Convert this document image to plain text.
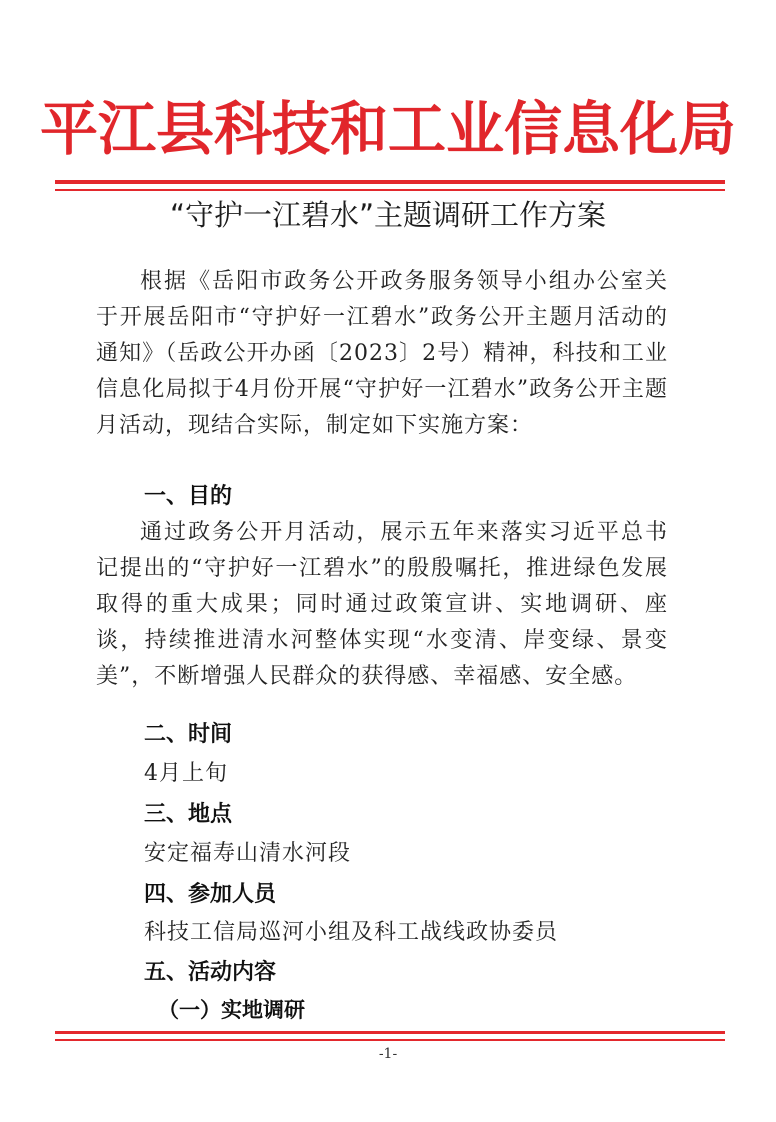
平江县科技和工业信息化局
“守护一江碧水”主题调研工作方案
根据《岳阳市政务公开政务服务领导小组办公室关于开展岳阳市“守护好一江碧水”政务公开主题月活动的通知》（岳政公开办函〔2023〕2号）精神，科技和工业信息化局拟于4月份开展“守护好一江碧水”政务公开主题月活动，现结合实际，制定如下实施方案：
一、目的
通过政务公开月活动，展示五年来落实习近平总书记提出的“守护好一江碧水”的殷殷嘱托，推进绿色发展取得的重大成果；同时通过政策宣讲、实地调研、座谈，持续推进清水河整体实现“水变清、岸变绿、景变美”，不断增强人民群众的获得感、幸福感、安全感。
二、时间
4月上旬
三、地点
安定福寿山清水河段
四、参加人员
科技工信局巡河小组及科工战线政协委员
五、活动内容
（一）实地调研
-1-
